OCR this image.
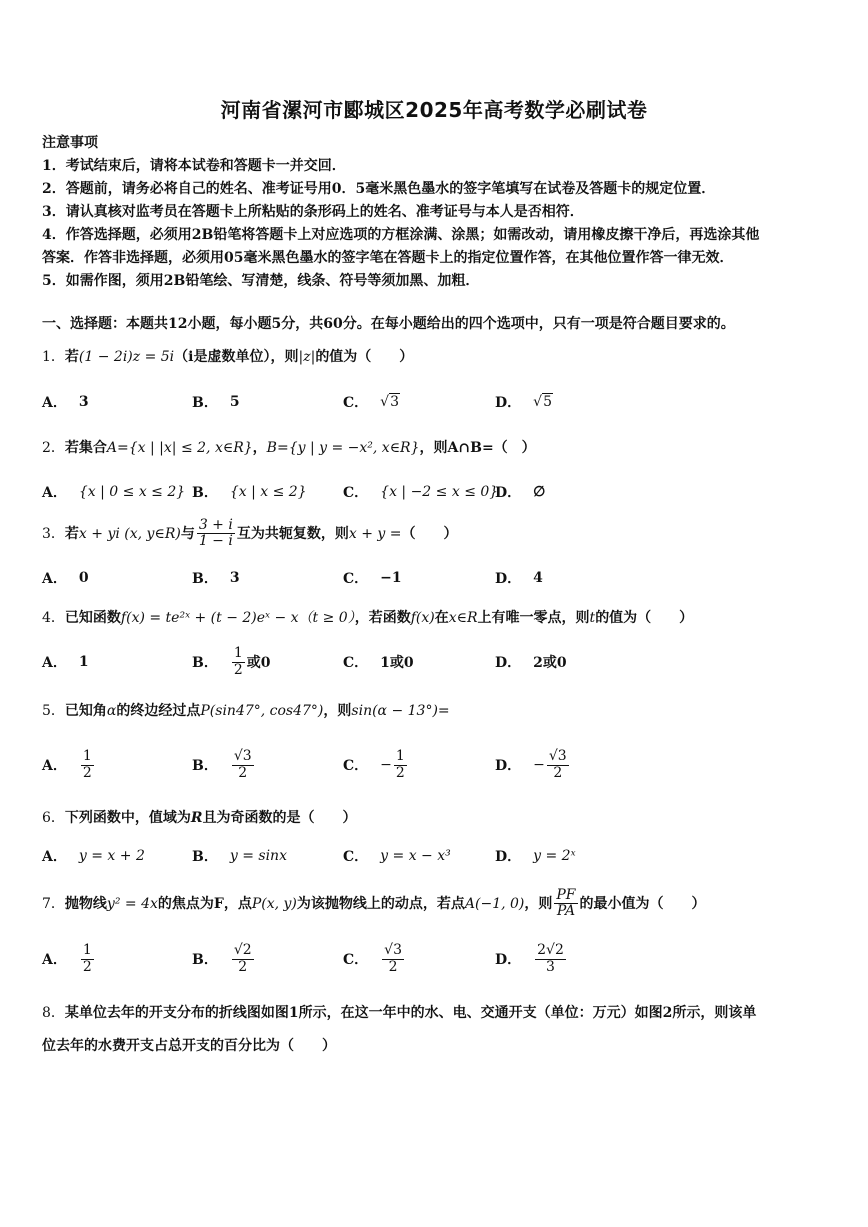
河南省漯河市郾城区2025年高考数学必刷试卷
注意事项
1．考试结束后，请将本试卷和答题卡一并交回．
2．答题前，请务必将自己的姓名、准考证号用0．5毫米黑色墨水的签字笔填写在试卷及答题卡的规定位置．
3．请认真核对监考员在答题卡上所粘贴的条形码上的姓名、准考证号与本人是否相符．
4．作答选择题，必须用2B铅笔将答题卡上对应选项的方框涂满、涂黑；如需改动，请用橡皮擦干净后，再选涂其他
答案．作答非选择题，必须用05毫米黑色墨水的签字笔在答题卡上的指定位置作答，在其他位置作答一律无效．
5．如需作图，须用2B铅笔绘、写清楚，线条、符号等须加黑、加粗．
一、选择题：本题共12小题，每小题5分，共60分。在每小题给出的四个选项中，只有一项是符合题目要求的。
1．若(1 − 2i)z = 5i（i是虚数单位），则|z|的值为（　　）
A． 3	B． 5	C． √3	D． √5
2．若集合A={x | |x| ≤ 2, x∈R}，B={y | y = −x², x∈R}，则A∩B=（　）
A． {x | 0 ≤ x ≤ 2} B． {x | x ≤ 2}	C． {x | −2 ≤ x ≤ 0}
D． ∅
3．若x + yi (x, y∈R)与 $\frac{3 + i}{1 - i}$ 互为共轭复数，则x + y =（　　）
A． 0	B． 3	C． −1	D． 4
4．已知函数f(x) = te²ˣ + (t − 2)eˣ − x（t ≥ 0），若函数f(x)在x∈R上有唯一零点，则t的值为（　　）
A． 1	B． $\frac{1}{2}$ 或0	C． 1或0	D． 2或0
5．已知角α的终边经过点P(sin47°, cos47°)，则sin(α − 13°)=
A． $\frac{1}{2}$	B． $\frac{√3}{2}$	C． − $\frac{1}{2}$	D． − $\frac{√3}{2}$
6．下列函数中，值域为R且为奇函数的是（　　）
A． y = x + 2	B． y = sinx	C． y = x − x³	D． y = 2ˣ
7．抛物线y² = 4x的焦点为F，点P(x, y)为该抛物线上的动点，若点A(−1, 0)，则 $\frac{PF}{PA}$ 的最小值为（　　）
A． $\frac{1}{2}$	B． $\frac{√2}{2}$	C． $\frac{√3}{2}$	D． $\frac{2√2}{3}$
8．某单位去年的开支分布的折线图如图1所示，在这一年中的水、电、交通开支（单位：万元）如图2所示，则该单
位去年的水费开支占总开支的百分比为（　　）
